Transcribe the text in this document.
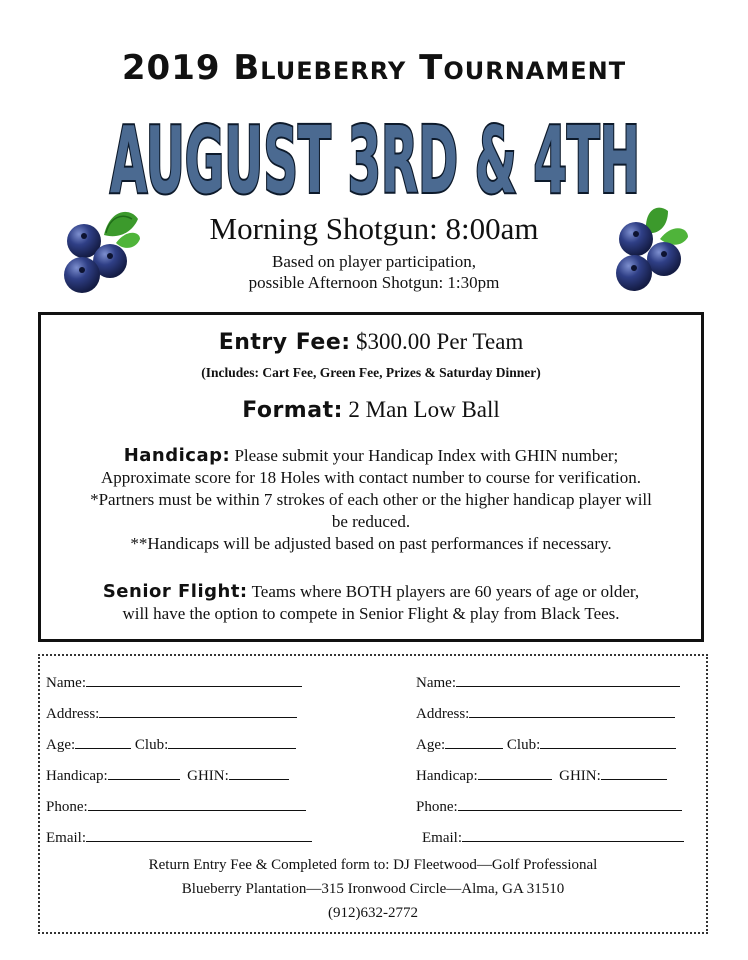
2019 Blueberry Tournament
AUGUST 3RD & 4TH
Morning Shotgun: 8:00am
Based on player participation,
possible Afternoon Shotgun: 1:30pm
Entry Fee: $300.00 Per Team
(Includes: Cart Fee, Green Fee, Prizes & Saturday Dinner)
Format: 2 Man Low Ball
Handicap: Please submit your Handicap Index with GHIN number;
Approximate score for 18 Holes with contact number to course for verification.
*Partners must be within 7 strokes of each other or the higher handicap player will
be reduced.
**Handicaps will be adjusted based on past performances if necessary.
Senior Flight: Teams where BOTH players are 60 years of age or older,
will have the option to compete in Senior Flight & play from Black Tees.
Name:
Address:
Age:	Club:
Handicap:	GHIN:
Phone:
Email:
Name:
Address:
Age:	Club:
Handicap:	GHIN:
Phone:
Email:
Return Entry Fee & Completed form to: DJ Fleetwood—Golf Professional
Blueberry Plantation—315 Ironwood Circle—Alma, GA 31510
(912)632-2772
